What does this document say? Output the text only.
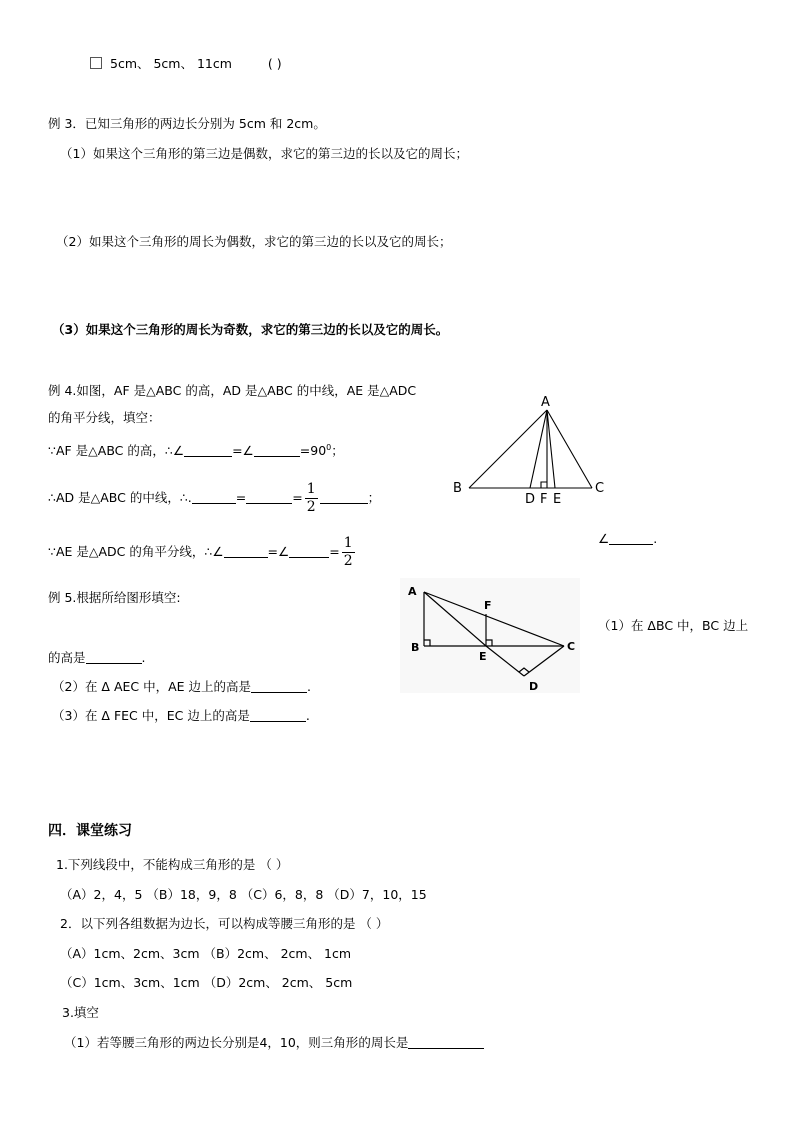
5cm、 5cm、 11cm	( )
例 3．已知三角形的两边长分别为 5cm 和 2cm。
（1）如果这个三角形的第三边是偶数，求它的第三边的长以及它的周长；
（2）如果这个三角形的周长为偶数，求它的第三边的长以及它的周长；
（3）如果这个三角形的周长为奇数，求它的第三边的长以及它的周长。
例 4.如图，AF 是△ABC 的高，AD 是△ABC 的中线，AE 是△ADC
的角平分线，填空：
∵AF 是△ABC 的高，∴∠	=∠	$=90^0$；
∴AD 是△ABC 的中线，∴.	=	= $\frac{1}{2}$	；
∵AE 是△ADC 的角平分线，∴∠	=∠	= $\frac{1}{2}$	∠	.
A
B	C
D F E
例 5.根据所给图形填空:
（1）在 ΔBC 中，BC 边上
的高是	.
（2）在 Δ AEC 中，AE 边上的高是	.
（3）在 Δ FEC 中，EC 边上的高是	.
A
B	C
D
E
F
四．课堂练习
1.下列线段中，不能构成三角形的是 （ ）
（A）2，4，5 （B）18，9，8 （C）6，8，8 （D）7，10，15
2．以下列各组数据为边长，可以构成等腰三角形的是 （ ）
（A）1cm、2cm、3cm （B）2cm、 2cm、 1cm
（C）1cm、3cm、1cm （D）2cm、 2cm、 5cm
3.填空
（1）若等腰三角形的两边长分别是4，10，则三角形的周长是
